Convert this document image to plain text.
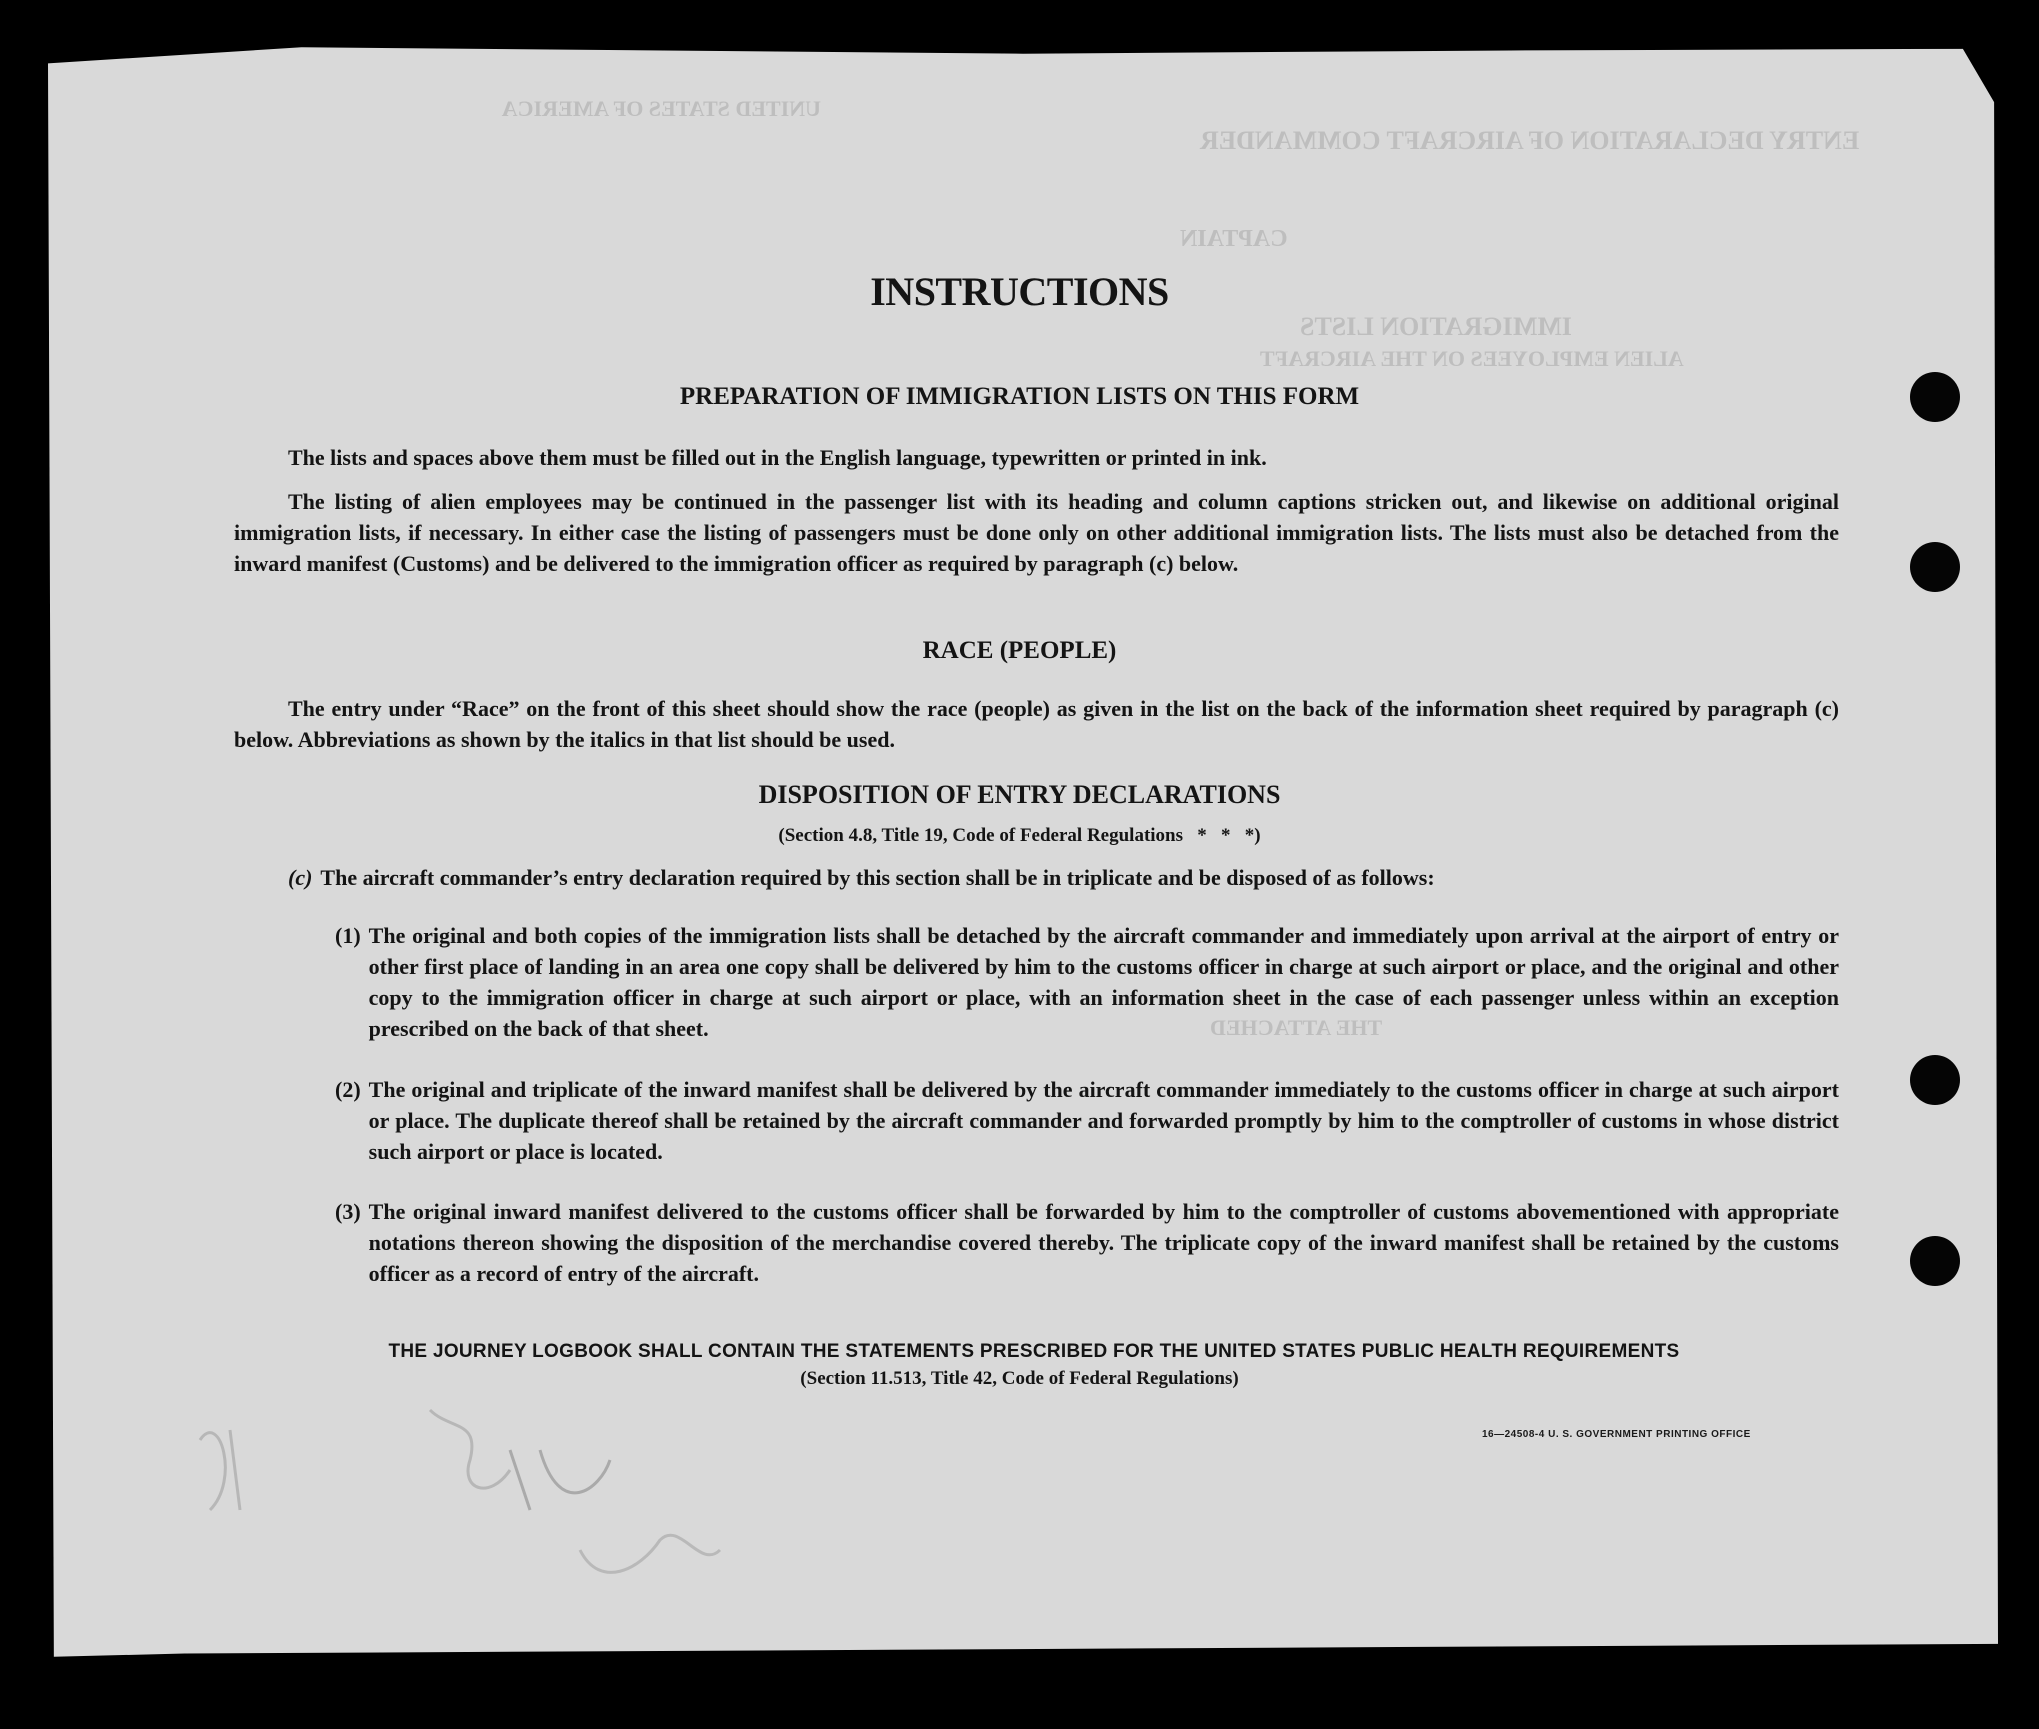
UNITED STATES OF AMERICA
ENTRY DECLARATION OF AIRCRAFT COMMANDER
CAPTAIN
IMMIGRATION LISTS
ALIEN EMPLOYEES ON THE AIRCRAFT
THE ATTACHED
INSTRUCTIONS
PREPARATION OF IMMIGRATION LISTS ON THIS FORM
The lists and spaces above them must be filled out in the English language, typewritten or printed in ink.
The listing of alien employees may be continued in the passenger list with its heading and column captions stricken out, and likewise on additional original immigration lists, if necessary. In either case the listing of passengers must be done only on other additional immigration lists. The lists must also be detached from the inward manifest (Customs) and be delivered to the immigration officer as required by paragraph (c) below.
RACE (PEOPLE)
The entry under “Race” on the front of this sheet should show the race (people) as given in the list on the back of the information sheet required by paragraph (c) below. Abbreviations as shown by the italics in that list should be used.
DISPOSITION OF ENTRY DECLARATIONS
(Section 4.8, Title 19, Code of Federal Regulations   *   *   *)
(c) The aircraft commander’s entry declaration required by this section shall be in triplicate and be disposed of as follows:
(1) The original and both copies of the immigration lists shall be detached by the aircraft commander and immediately upon arrival at the airport of entry or other first place of landing in an area one copy shall be delivered by him to the customs officer in charge at such airport or place, and the original and other copy to the immigration officer in charge at such airport or place, with an information sheet in the case of each passenger unless within an exception prescribed on the back of that sheet.
(2) The original and triplicate of the inward manifest shall be delivered by the aircraft commander immediately to the customs officer in charge at such airport or place. The duplicate thereof shall be retained by the aircraft commander and forwarded promptly by him to the comptroller of customs in whose district such airport or place is located.
(3) The original inward manifest delivered to the customs officer shall be forwarded by him to the comptroller of customs abovementioned with appropriate notations thereon showing the disposition of the merchandise covered thereby. The triplicate copy of the inward manifest shall be retained by the customs officer as a record of entry of the aircraft.
THE JOURNEY LOGBOOK SHALL CONTAIN THE STATEMENTS PRESCRIBED FOR THE UNITED STATES PUBLIC HEALTH REQUIREMENTS
(Section 11.513, Title 42, Code of Federal Regulations)
16—24508-4 U. S. GOVERNMENT PRINTING OFFICE
